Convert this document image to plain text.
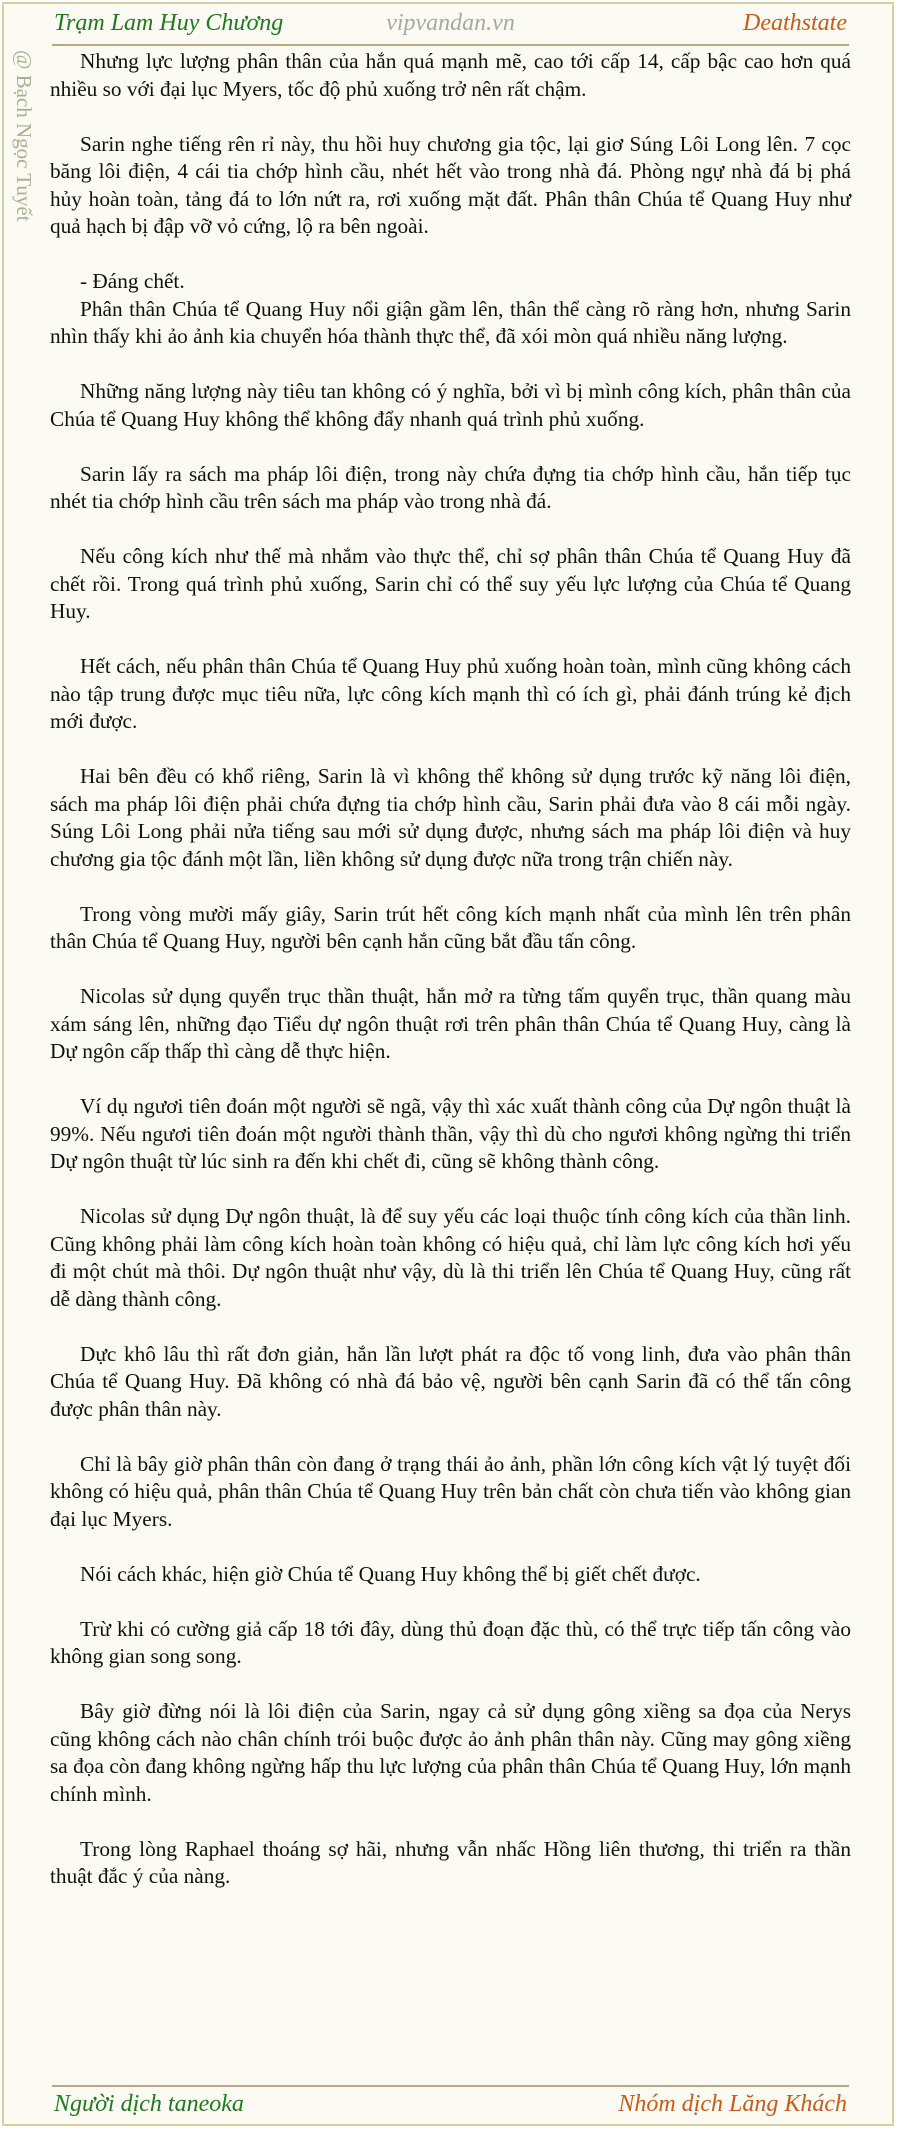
Trạm Lam Huy Chương	vipvandan.vn	Deathstate
@ Bạch Ngọc Tuyết	Nhưng lực lượng phân thân của hắn quá mạnh mẽ, cao tới cấp 14, cấp bậc cao hơn quá nhiều so với đại lục Myers, tốc độ phủ xuống trở nên rất chậm.

Sarin nghe tiếng rên rỉ này, thu hồi huy chương gia tộc, lại giơ Súng Lôi Long lên. 7 cọc băng lôi điện, 4 cái tia chớp hình cầu, nhét hết vào trong nhà đá. Phòng ngự nhà đá bị phá hủy hoàn toàn, tảng đá to lớn nứt ra, rơi xuống mặt đất. Phân thân Chúa tể Quang Huy như quả hạch bị đập vỡ vỏ cứng, lộ ra bên ngoài.

- Đáng chết.

Phân thân Chúa tể Quang Huy nổi giận gầm lên, thân thể càng rõ ràng hơn, nhưng Sarin nhìn thấy khi ảo ảnh kia chuyển hóa thành thực thể, đã xói mòn quá nhiều năng lượng.

Những năng lượng này tiêu tan không có ý nghĩa, bởi vì bị mình công kích, phân thân của Chúa tể Quang Huy không thể không đẩy nhanh quá trình phủ xuống.

Sarin lấy ra sách ma pháp lôi điện, trong này chứa đựng tia chớp hình cầu, hắn tiếp tục nhét tia chớp hình cầu trên sách ma pháp vào trong nhà đá.

Nếu công kích như thế mà nhắm vào thực thể, chỉ sợ phân thân Chúa tể Quang Huy đã chết rồi. Trong quá trình phủ xuống, Sarin chỉ có thể suy yếu lực lượng của Chúa tể Quang Huy.

Hết cách, nếu phân thân Chúa tể Quang Huy phủ xuống hoàn toàn, mình cũng không cách nào tập trung được mục tiêu nữa, lực công kích mạnh thì có ích gì, phải đánh trúng kẻ địch mới được.

Hai bên đều có khổ riêng, Sarin là vì không thể không sử dụng trước kỹ năng lôi điện, sách ma pháp lôi điện phải chứa đựng tia chớp hình cầu, Sarin phải đưa vào 8 cái mỗi ngày. Súng Lôi Long phải nửa tiếng sau mới sử dụng được, nhưng sách ma pháp lôi điện và huy chương gia tộc đánh một lần, liền không sử dụng được nữa trong trận chiến này.

Trong vòng mười mấy giây, Sarin trút hết công kích mạnh nhất của mình lên trên phân thân Chúa tể Quang Huy, người bên cạnh hắn cũng bắt đầu tấn công.

Nicolas sử dụng quyển trục thần thuật, hắn mở ra từng tấm quyển trục, thần quang màu xám sáng lên, những đạo Tiểu dự ngôn thuật rơi trên phân thân Chúa tể Quang Huy, càng là Dự ngôn cấp thấp thì càng dễ thực hiện.

Ví dụ ngươi tiên đoán một người sẽ ngã, vậy thì xác xuất thành công của Dự ngôn thuật là 99%. Nếu ngươi tiên đoán một người thành thần, vậy thì dù cho ngươi không ngừng thi triển Dự ngôn thuật từ lúc sinh ra đến khi chết đi, cũng sẽ không thành công.

Nicolas sử dụng Dự ngôn thuật, là để suy yếu các loại thuộc tính công kích của thần linh. Cũng không phải làm công kích hoàn toàn không có hiệu quả, chỉ làm lực công kích hơi yếu đi một chút mà thôi. Dự ngôn thuật như vậy, dù là thi triển lên Chúa tể Quang Huy, cũng rất dễ dàng thành công.

Dực khô lâu thì rất đơn giản, hắn lần lượt phát ra độc tố vong linh, đưa vào phân thân Chúa tể Quang Huy. Đã không có nhà đá bảo vệ, người bên cạnh Sarin đã có thể tấn công được phân thân này.

Chỉ là bây giờ phân thân còn đang ở trạng thái ảo ảnh, phần lớn công kích vật lý tuyệt đối không có hiệu quả, phân thân Chúa tể Quang Huy trên bản chất còn chưa tiến vào không gian đại lục Myers.

Nói cách khác, hiện giờ Chúa tể Quang Huy không thể bị giết chết được.

Trừ khi có cường giả cấp 18 tới đây, dùng thủ đoạn đặc thù, có thể trực tiếp tấn công vào không gian song song.

Bây giờ đừng nói là lôi điện của Sarin, ngay cả sử dụng gông xiềng sa đọa của Nerys cũng không cách nào chân chính trói buộc được ảo ảnh phân thân này. Cũng may gông xiềng sa đọa còn đang không ngừng hấp thu lực lượng của phân thân Chúa tể Quang Huy, lớn mạnh chính mình.

Trong lòng Raphael thoáng sợ hãi, nhưng vẫn nhấc Hồng liên thương, thi triển ra thần thuật đắc ý của nàng.

Người dịch taneoka	Nhóm dịch Lăng Khách
